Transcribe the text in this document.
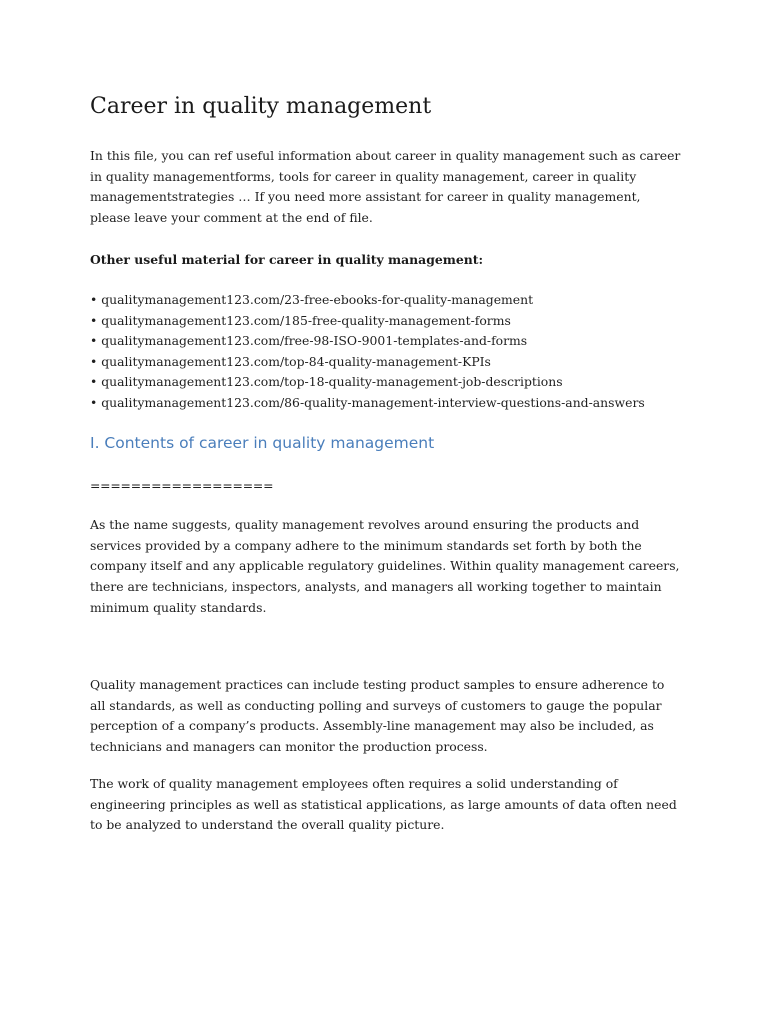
Career in quality management

In this file, you can ref useful information about career in quality management such as career in quality managementforms, tools for career in quality management, career in quality managementstrategies … If you need more assistant for career in quality management, please leave your comment at the end of file.

Other useful material for career in quality management:

• qualitymanagement123.com/23-free-ebooks-for-quality-management
• qualitymanagement123.com/185-free-quality-management-forms
• qualitymanagement123.com/free-98-ISO-9001-templates-and-forms
• qualitymanagement123.com/top-84-quality-management-KPIs
• qualitymanagement123.com/top-18-quality-management-job-descriptions
• qualitymanagement123.com/86-quality-management-interview-questions-and-answers
I. Contents of career in quality management

==================

As the name suggests, quality management revolves around ensuring the products and services provided by a company adhere to the minimum standards set forth by both the company itself and any applicable regulatory guidelines. Within quality management careers, there are technicians, inspectors, analysts, and managers all working together to maintain minimum quality standards.

Quality management practices can include testing product samples to ensure adherence to all standards, as well as conducting polling and surveys of customers to gauge the popular perception of a company’s products. Assembly-line management may also be included, as technicians and managers can monitor the production process.

The work of quality management employees often requires a solid understanding of engineering principles as well as statistical applications, as large amounts of data often need to be analyzed to understand the overall quality picture.
